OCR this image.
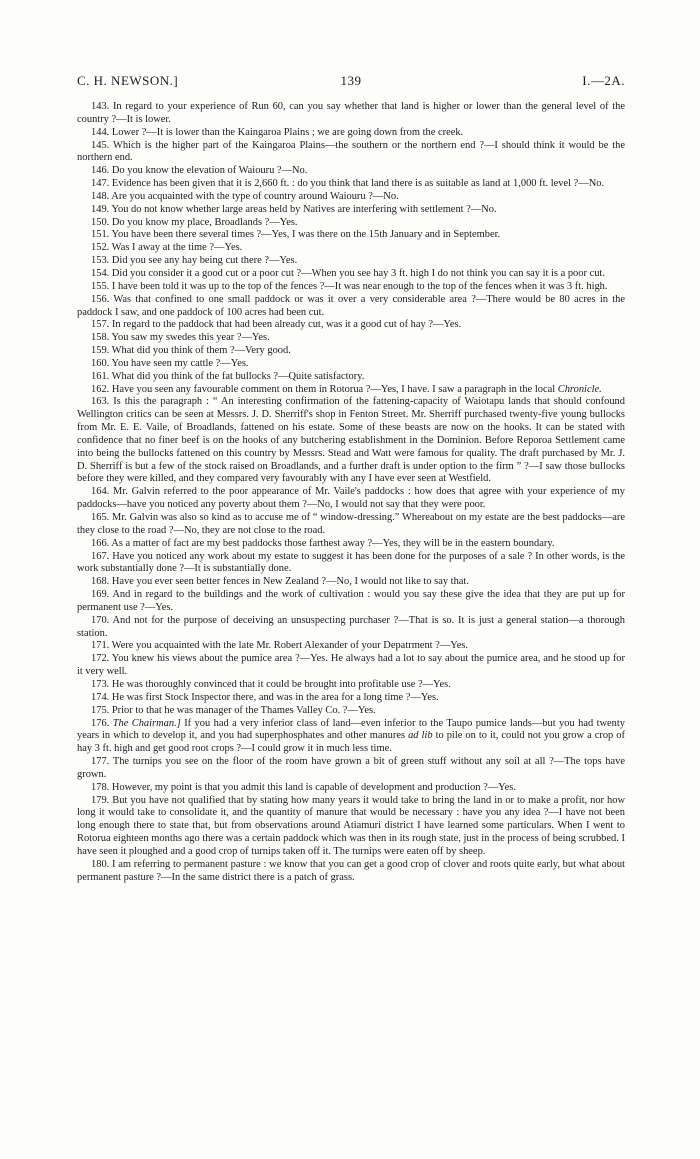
C. H. NEWSON.]	139	I.—2A.

143. In regard to your experience of Run 60, can you say whether that land is higher or lower than the general level of the country ?—It is lower.

144. Lower ?—It is lower than the Kaingaroa Plains ; we are going down from the creek.

145. Which is the higher part of the Kaingaroa Plains—the southern or the northern end ?—I should think it would be the northern end.

146. Do you know the elevation of Waiouru ?—No.

147. Evidence has been given that it is 2,660 ft. : do you think that land there is as suitable as land at 1,000 ft. level ?—No.

148. Are you acquainted with the type of country around Waiouru ?—No.

149. You do not know whether large areas held by Natives are interfering with settlement ?—No.

150. Do you know my place, Broadlands ?—Yes.

151. You have been there several times ?—Yes, I was there on the 15th January and in September.

152. Was I away at the time ?—Yes.

153. Did you see any hay being cut there ?—Yes.

154. Did you consider it a good cut or a poor cut ?—When you see hay 3 ft. high I do not think you can say it is a poor cut.

155. I have been told it was up to the top of the fences ?—It was near enough to the top of the fences when it was 3 ft. high.

156. Was that confined to one small paddock or was it over a very considerable area ?—There would be 80 acres in the paddock I saw, and one paddock of 100 acres had been cut.

157. In regard to the paddock that had been already cut, was it a good cut of hay ?—Yes.

158. You saw my swedes this year ?—Yes.

159. What did you think of them ?—Very good.

160. You have seen my cattle ?—Yes.

161. What did you think of the fat bullocks ?—Quite satisfactory.

162. Have you seen any favourable comment on them in Rotorua ?—Yes, I have. I saw a paragraph in the local Chronicle.

163. Is this the paragraph : “ An interesting confirmation of the fattening-capacity of Waiotapu lands that should confound Wellington critics can be seen at Messrs. J. D. Sherriff's shop in Fenton Street. Mr. Sherriff purchased twenty-five young bullocks from Mr. E. E. Vaile, of Broadlands, fattened on his estate. Some of these beasts are now on the hooks. It can be stated with confidence that no finer beef is on the hooks of any butchering establishment in the Dominion. Before Reporoa Settlement came into being the bullocks fattened on this country by Messrs. Stead and Watt were famous for quality. The draft purchased by Mr. J. D. Sherriff is but a few of the stock raised on Broadlands, and a further draft is under option to the firm ” ?—I saw those bullocks before they were killed, and they compared very favourably with any I have ever seen at Westfield.

164. Mr. Galvin referred to the poor appearance of Mr. Vaile's paddocks : how does that agree with your experience of my paddocks—have you noticed any poverty about them ?—No, I would not say that they were poor.

165. Mr. Galvin was also so kind as to accuse me of “ window-dressing.” Whereabout on my estate are the best paddocks—are they close to the road ?—No, they are not close to the road.

166. As a matter of fact are my best paddocks those farthest away ?—Yes, they will be in the eastern boundary.

167. Have you noticed any work about my estate to suggest it has been done for the purposes of a sale ? In other words, is the work substantially done ?—It is substantially done.

168. Have you ever seen better fences in New Zealand ?—No, I would not like to say that.

169. And in regard to the buildings and the work of cultivation : would you say these give the idea that they are put up for permanent use ?—Yes.

170. And not for the purpose of deceiving an unsuspecting purchaser ?—That is so. It is just a general station—a thorough station.

171. Were you acquainted with the late Mr. Robert Alexander of your Depatrment ?—Yes.

172. You knew his views about the pumice area ?—Yes. He always had a lot to say about the pumice area, and he stood up for it very well.

173. He was thoroughly convinced that it could be brought into profitable use ?—Yes.

174. He was first Stock Inspector there, and was in the area for a long time ?—Yes.

175. Prior to that he was manager of the Thames Valley Co. ?—Yes.

176. The Chairman.] If you had a very inferior class of land—even inferior to the Taupo pumice lands—but you had twenty years in which to develop it, and you had superphosphates and other manures ad lib to pile on to it, could not you grow a crop of hay 3 ft. high and get good root crops ?—I could grow it in much less time.

177. The turnips you see on the floor of the room have grown a bit of green stuff without any soil at all ?—The tops have grown.

178. However, my point is that you admit this land is capable of development and production ?—Yes.

179. But you have not qualified that by stating how many years it would take to bring the land in or to make a profit, nor how long it would take to consolidate it, and the quantity of manure that would be necessary : have you any idea ?—I have not been long enough there to state that, but from observations around Atiamuri district I have learned some particulars. When I went to Rotorua eighteen months ago there was a certain paddock which was then in its rough state, just in the process of being scrubbed. I have seen it ploughed and a good crop of turnips taken off it. The turnips were eaten off by sheep.

180. I am referring to permanent pasture : we know that you can get a good crop of clover and roots quite early, but what about permanent pasture ?—In the same district there is a patch of grass.
